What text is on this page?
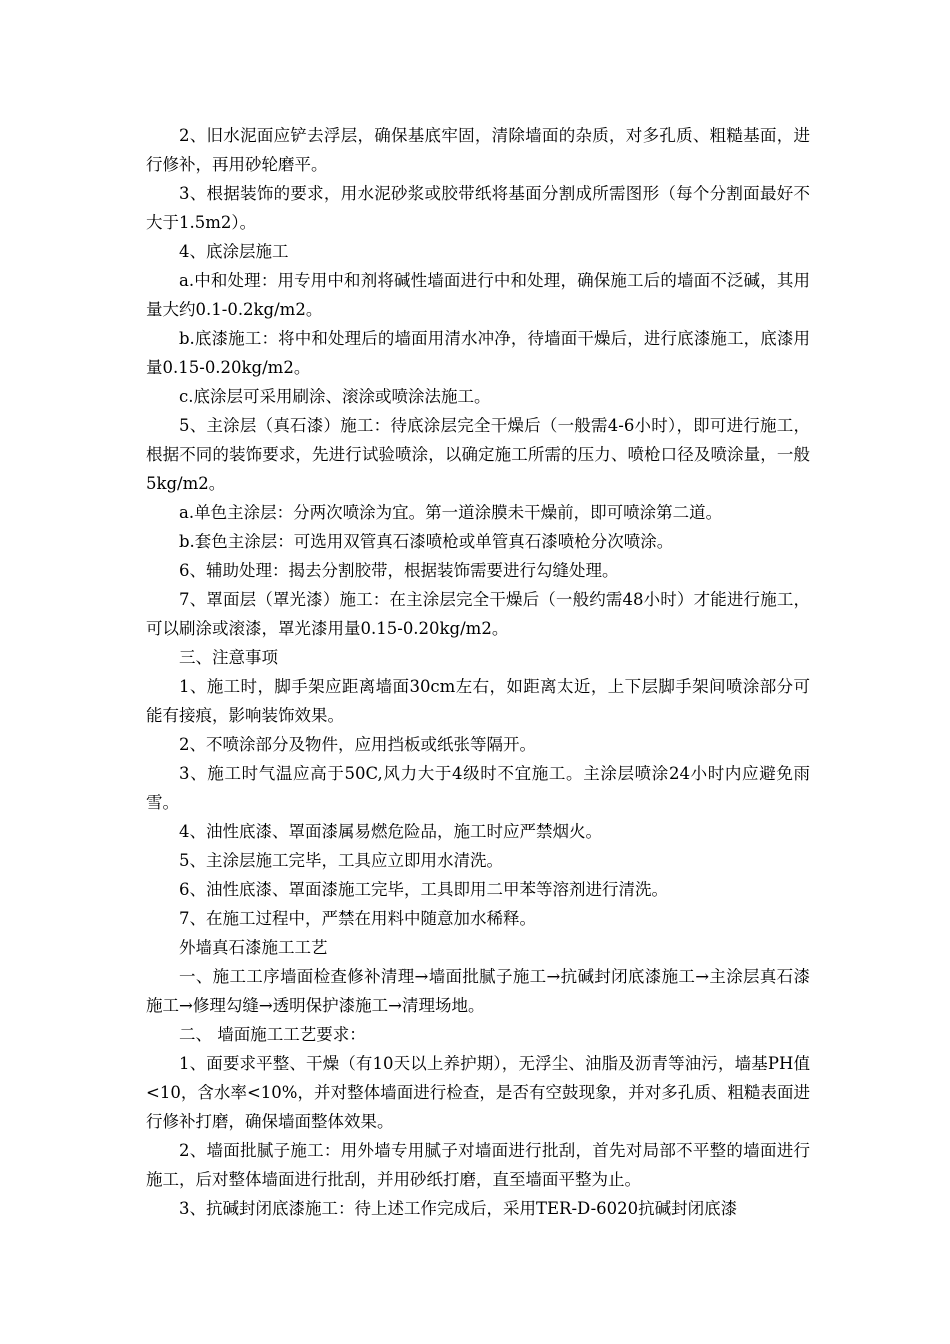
2、旧水泥面应铲去浮层，确保基底牢固，清除墙面的杂质，对多孔质、粗糙基面，进行修补，再用砂轮磨平。

3、根据装饰的要求，用水泥砂浆或胶带纸将基面分割成所需图形（每个分割面最好不大于1.5m2）。

4、底涂层施工

a.中和处理：用专用中和剂将碱性墙面进行中和处理，确保施工后的墙面不泛碱，其用量大约0.1-0.2kg/m2。

b.底漆施工：将中和处理后的墙面用清水冲净，待墙面干燥后，进行底漆施工，底漆用量0.15-0.20kg/m2。

c.底涂层可采用刷涂、滚涂或喷涂法施工。

5、主涂层（真石漆）施工：待底涂层完全干燥后（一般需4-6小时），即可进行施工，根据不同的装饰要求，先进行试验喷涂，以确定施工所需的压力、喷枪口径及喷涂量，一般5kg/m2。

a.单色主涂层：分两次喷涂为宜。第一道涂膜未干燥前，即可喷涂第二道。

b.套色主涂层：可选用双管真石漆喷枪或单管真石漆喷枪分次喷涂。

6、辅助处理：揭去分割胶带，根据装饰需要进行勾缝处理。

7、罩面层（罩光漆）施工：在主涂层完全干燥后（一般约需48小时）才能进行施工，可以刷涂或滚漆，罩光漆用量0.15-0.20kg/m2。

三、注意事项

1、施工时，脚手架应距离墙面30cm左右，如距离太近，上下层脚手架间喷涂部分可能有接痕，影响装饰效果。

2、不喷涂部分及物件，应用挡板或纸张等隔开。

3、施工时气温应高于50C,风力大于4级时不宜施工。主涂层喷涂24小时内应避免雨雪。

4、油性底漆、罩面漆属易燃危险品，施工时应严禁烟火。

5、主涂层施工完毕，工具应立即用水清洗。

6、油性底漆、罩面漆施工完毕，工具即用二甲苯等溶剂进行清洗。

7、在施工过程中，严禁在用料中随意加水稀释。

外墙真石漆施工工艺

一、施工工序墙面检查修补清理→墙面批腻子施工→抗碱封闭底漆施工→主涂层真石漆施工→修理勾缝→透明保护漆施工→清理场地。

二、 墙面施工工艺要求：

1、面要求平整、干燥（有10天以上养护期），无浮尘、油脂及沥青等油污，墙基PH值<10，含水率<10%，并对整体墙面进行检查，是否有空鼓现象，并对多孔质、粗糙表面进行修补打磨，确保墙面整体效果。

2、墙面批腻子施工：用外墙专用腻子对墙面进行批刮，首先对局部不平整的墙面进行施工，后对整体墙面进行批刮，并用砂纸打磨，直至墙面平整为止。

3、抗碱封闭底漆施工：待上述工作完成后，采用TER-D-6020抗碱封闭底漆
